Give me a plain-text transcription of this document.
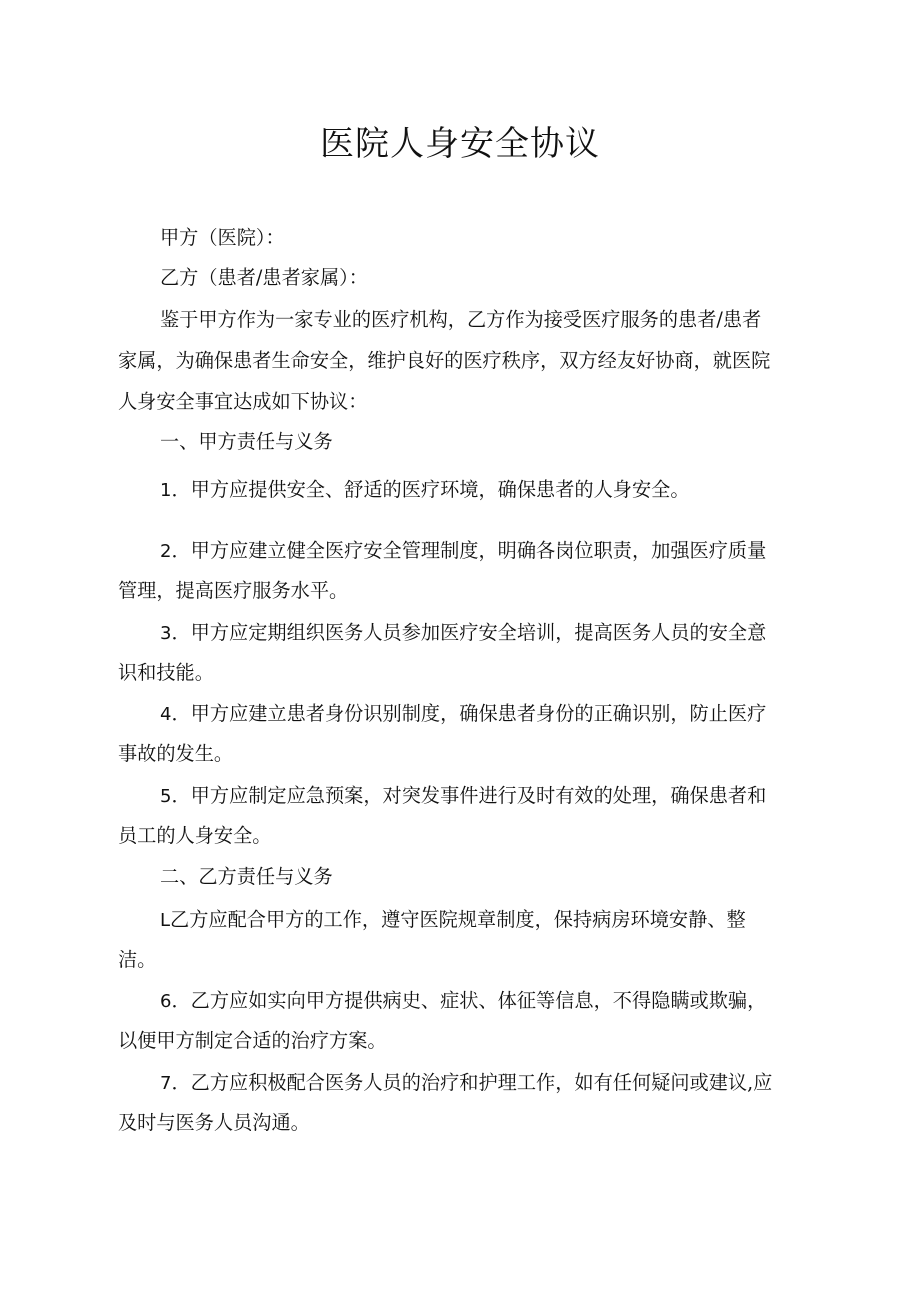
医院人身安全协议
甲方（医院）：
乙方（患者/患者家属）：
鉴于甲方作为一家专业的医疗机构，乙方作为接受医疗服务的患者/患者
家属，为确保患者生命安全，维护良好的医疗秩序，双方经友好协商，就医院
人身安全事宜达成如下协议：
一、甲方责任与义务
1．甲方应提供安全、舒适的医疗环境，确保患者的人身安全。
2．甲方应建立健全医疗安全管理制度，明确各岗位职责，加强医疗质量
管理，提高医疗服务水平。
3．甲方应定期组织医务人员参加医疗安全培训，提高医务人员的安全意
识和技能。
4．甲方应建立患者身份识别制度，确保患者身份的正确识别，防止医疗
事故的发生。
5．甲方应制定应急预案，对突发事件进行及时有效的处理，确保患者和
员工的人身安全。
二、乙方责任与义务
L乙方应配合甲方的工作，遵守医院规章制度，保持病房环境安静、整
洁。
6．乙方应如实向甲方提供病史、症状、体征等信息，不得隐瞒或欺骗，
以便甲方制定合适的治疗方案。
7．乙方应积极配合医务人员的治疗和护理工作，如有任何疑问或建议,应
及时与医务人员沟通。
